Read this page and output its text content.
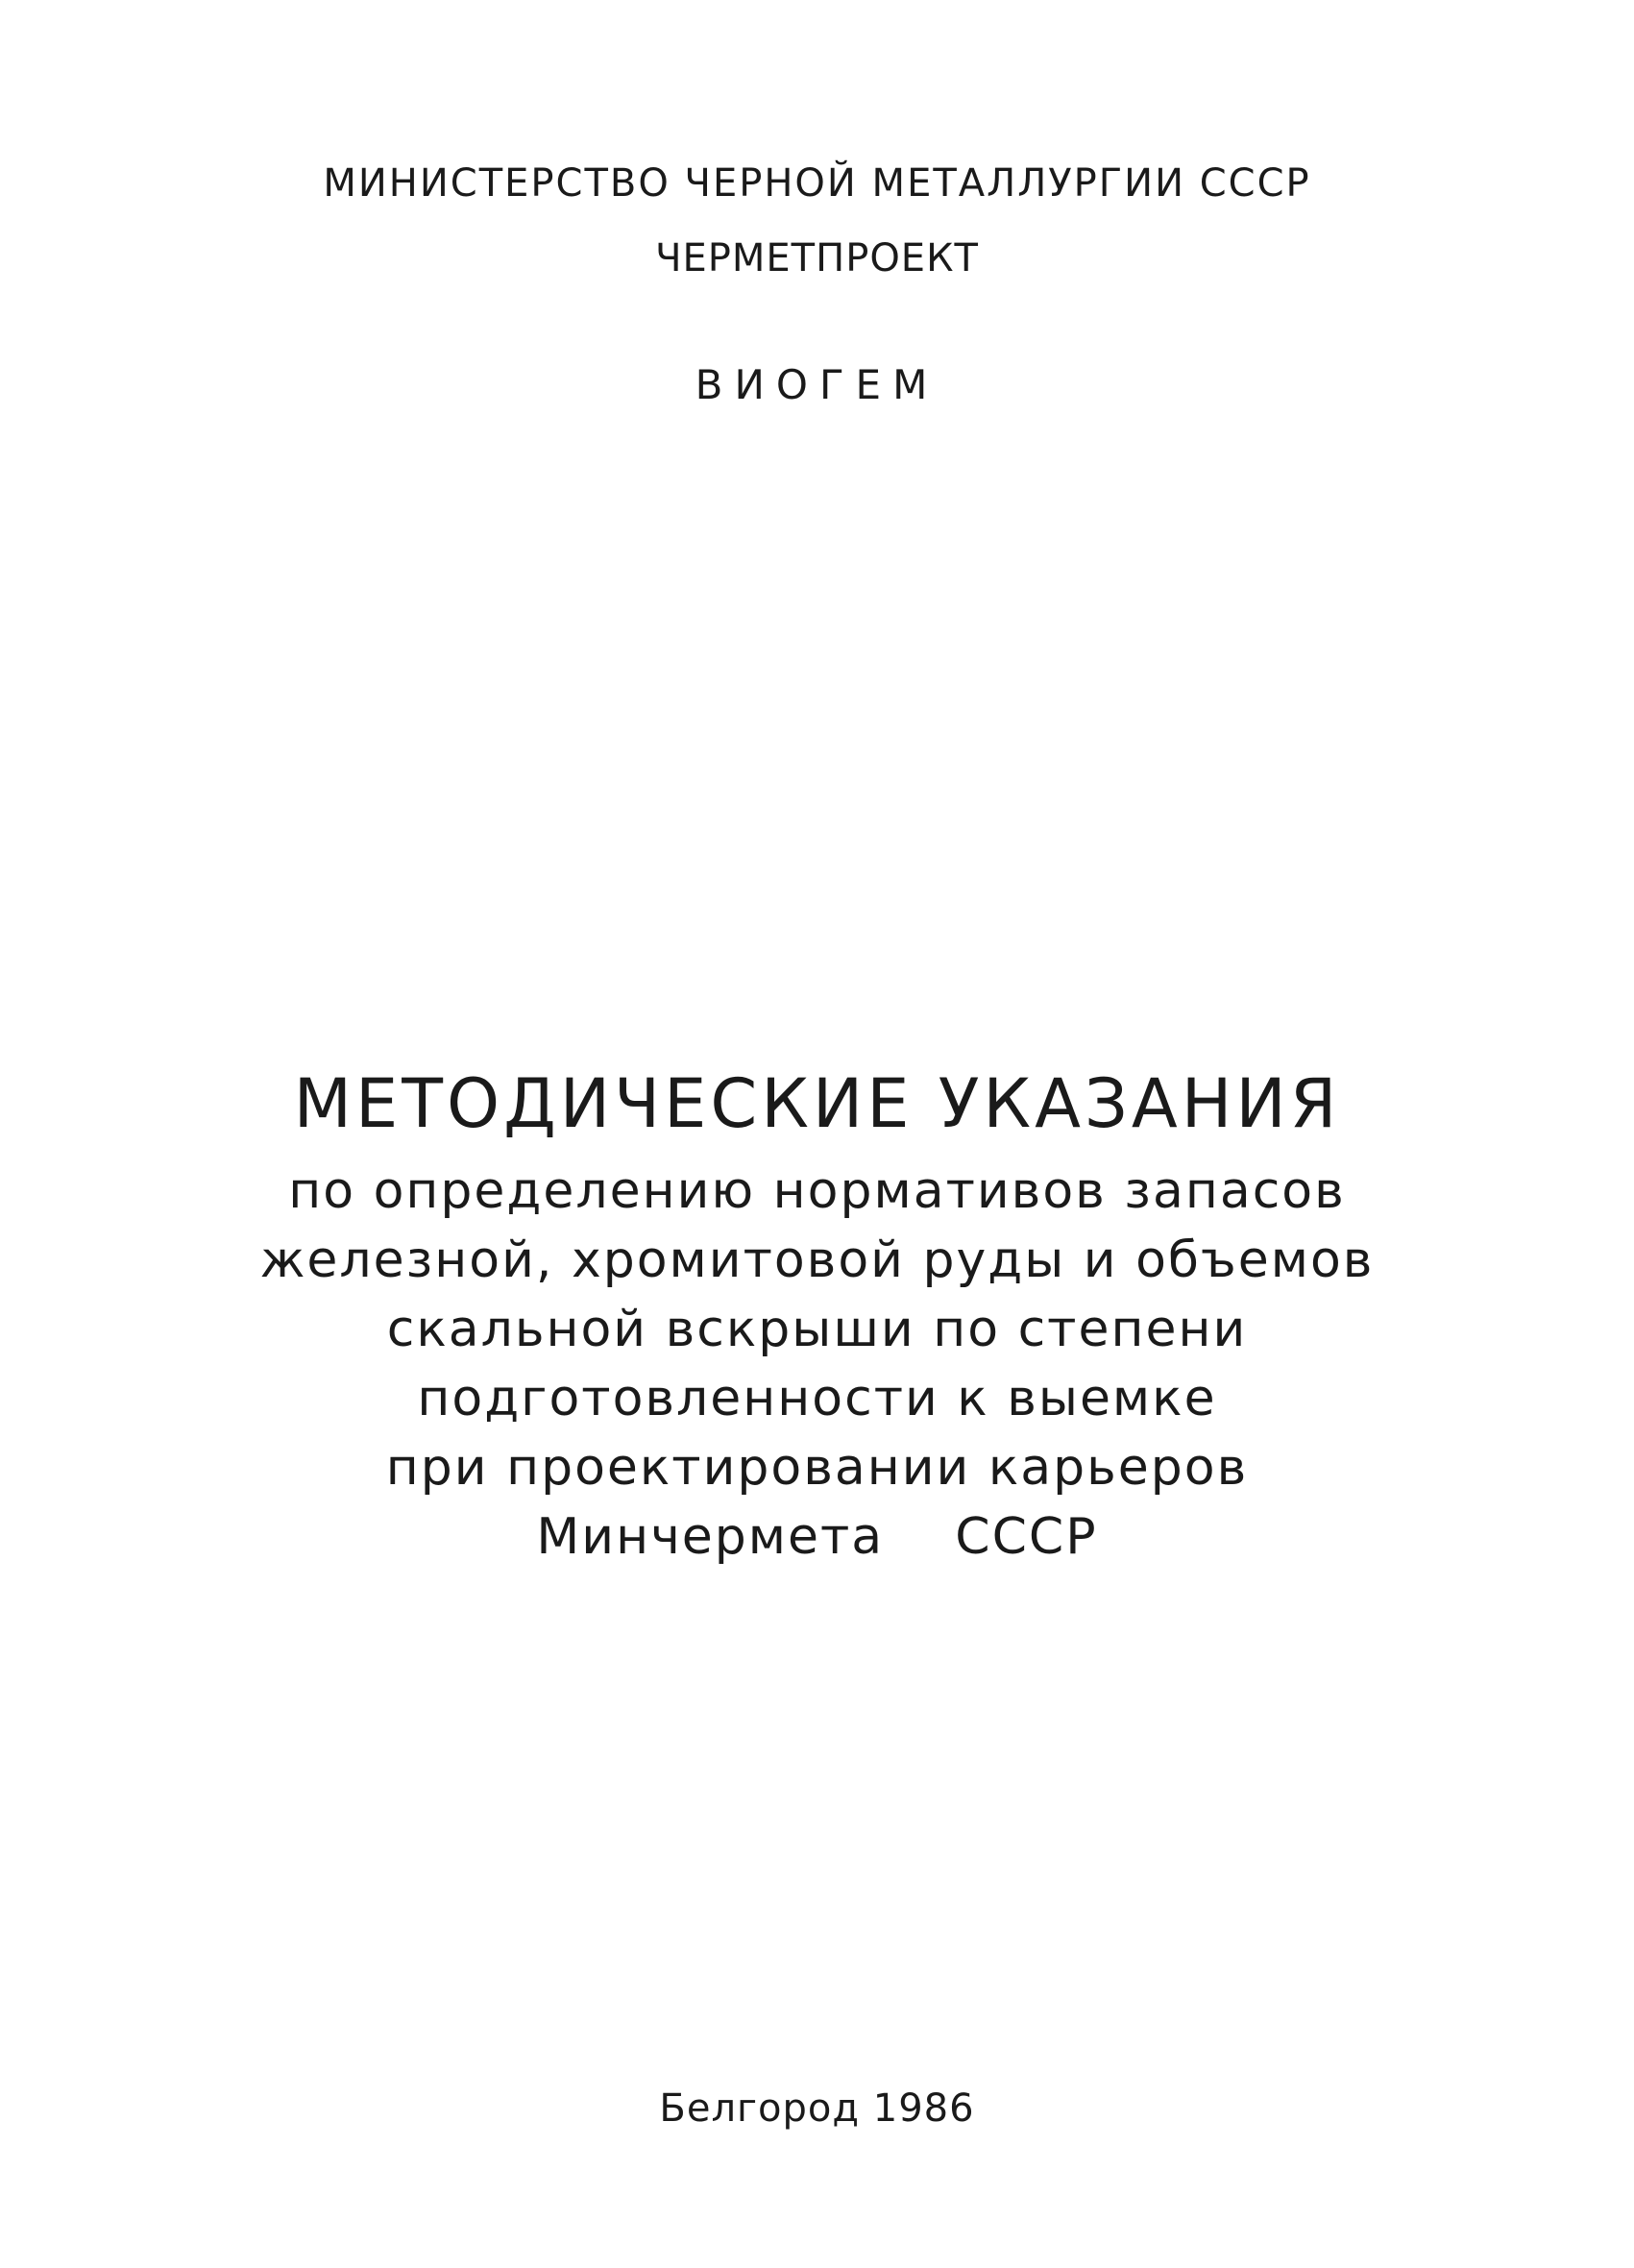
МИНИСТЕРСТВО ЧЕРНОЙ МЕТАЛЛУРГИИ СССР
ЧЕРМЕТПРОЕКТ
ВИОГЕМ
МЕТОДИЧЕСКИЕ УКАЗАНИЯ
по определению нормативов запасов
железной, хромитовой руды и объемов
скальной вскрыши по степени
подготовленности к выемке
при проектировании карьеров
Минчермета    СССР
Белгород 1986
